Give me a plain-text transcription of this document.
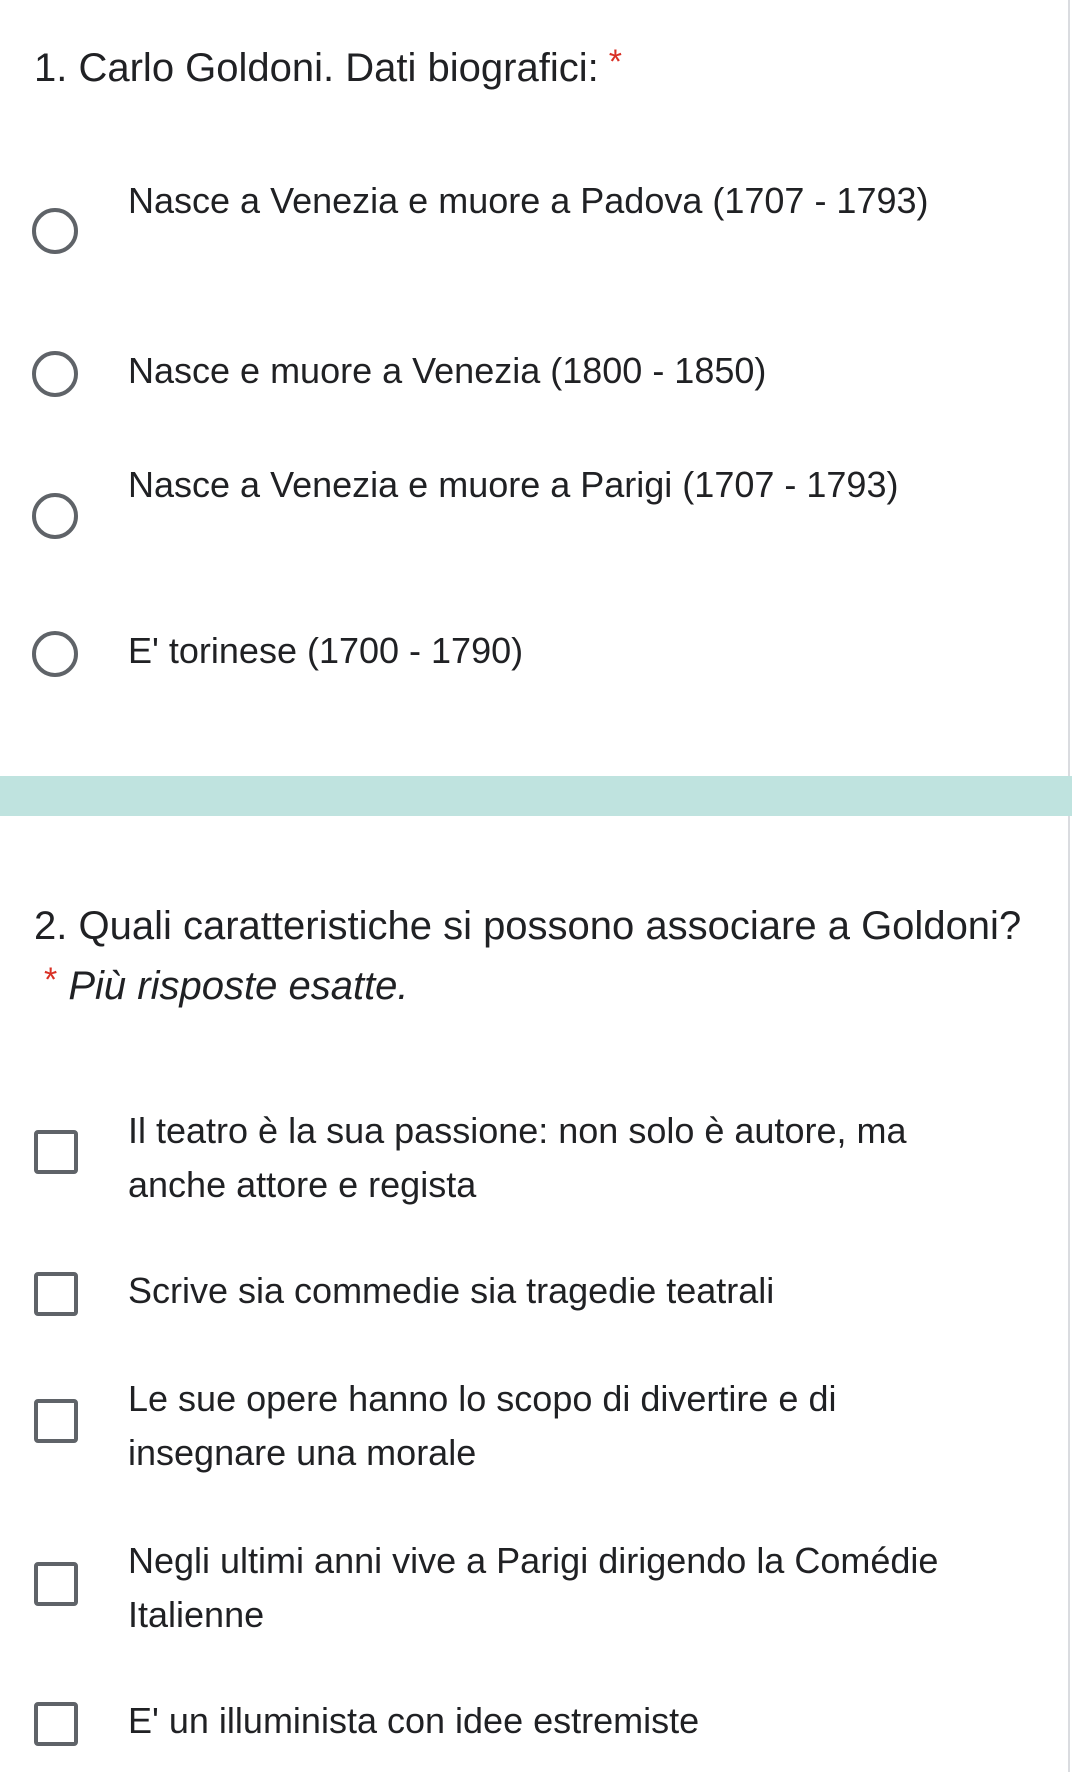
1. Carlo Goldoni. Dati biografici: *
Nasce a Venezia e muore a Padova (1707 - 1793)
Nasce e muore a Venezia (1800 - 1850)
Nasce a Venezia e muore a Parigi (1707 - 1793)
E' torinese (1700 - 1790)
2. Quali caratteristiche si possono associare a Goldoni?* Più risposte esatte.
Il teatro è la sua passione: non solo è autore, ma anche attore e regista
Scrive sia commedie sia tragedie teatrali
Le sue opere hanno lo scopo di divertire e di insegnare una morale
Negli ultimi anni vive a Parigi dirigendo la Comédie Italienne
E' un illuminista con idee estremiste
